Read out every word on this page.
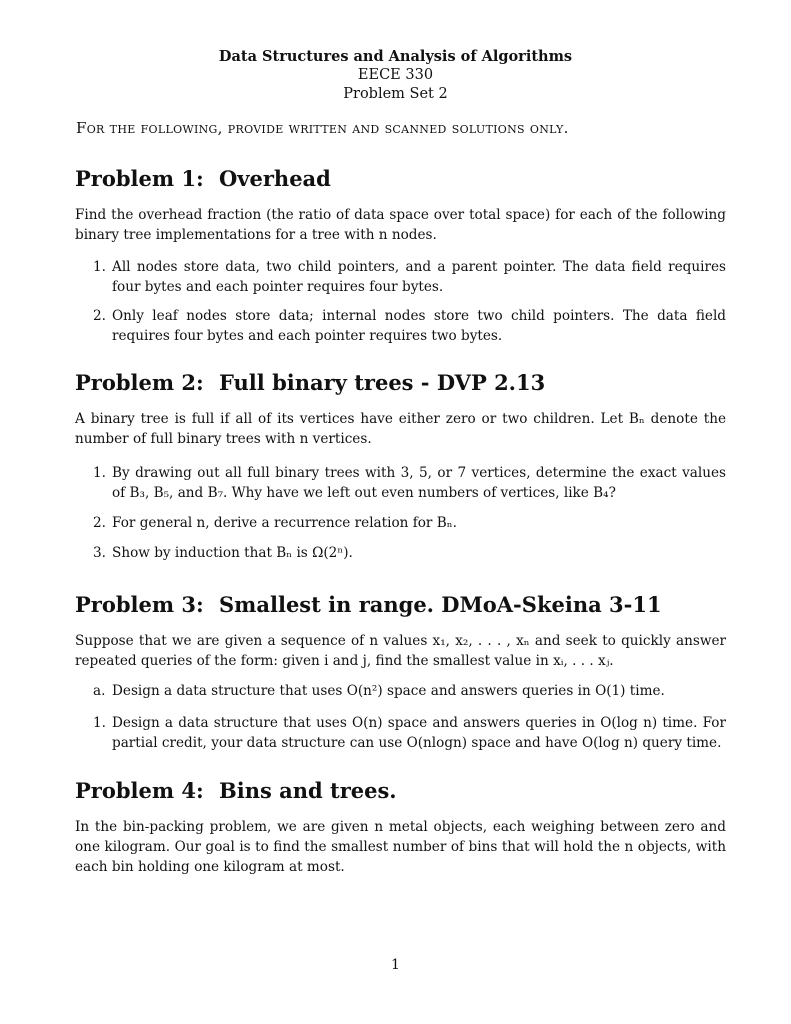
Data Structures and Analysis of Algorithms
EECE 330
Problem Set 2
For the following, provide written and scanned solutions only.
Problem 1: Overhead
Find the overhead fraction (the ratio of data space over total space) for each of the following binary tree implementations for a tree with n nodes.
1. All nodes store data, two child pointers, and a parent pointer. The data field requires four bytes and each pointer requires four bytes.
2. Only leaf nodes store data; internal nodes store two child pointers. The data field requires four bytes and each pointer requires two bytes.
Problem 2: Full binary trees - DVP 2.13
A binary tree is full if all of its vertices have either zero or two children. Let Bₙ denote the number of full binary trees with n vertices.
1. By drawing out all full binary trees with 3, 5, or 7 vertices, determine the exact values of B₃, B₅, and B₇. Why have we left out even numbers of vertices, like B₄?
2. For general n, derive a recurrence relation for Bₙ.
3. Show by induction that Bₙ is Ω(2ⁿ).
Problem 3: Smallest in range. DMoA-Skeina 3-11
Suppose that we are given a sequence of n values x₁, x₂, . . . , xₙ and seek to quickly answer repeated queries of the form: given i and j, find the smallest value in xᵢ, . . . xⱼ.
a. Design a data structure that uses O(n²) space and answers queries in O(1) time.
1. Design a data structure that uses O(n) space and answers queries in O(log n) time. For partial credit, your data structure can use O(nlogn) space and have O(log n) query time.
Problem 4: Bins and trees.
In the bin-packing problem, we are given n metal objects, each weighing between zero and one kilogram. Our goal is to find the smallest number of bins that will hold the n objects, with each bin holding one kilogram at most.
1
